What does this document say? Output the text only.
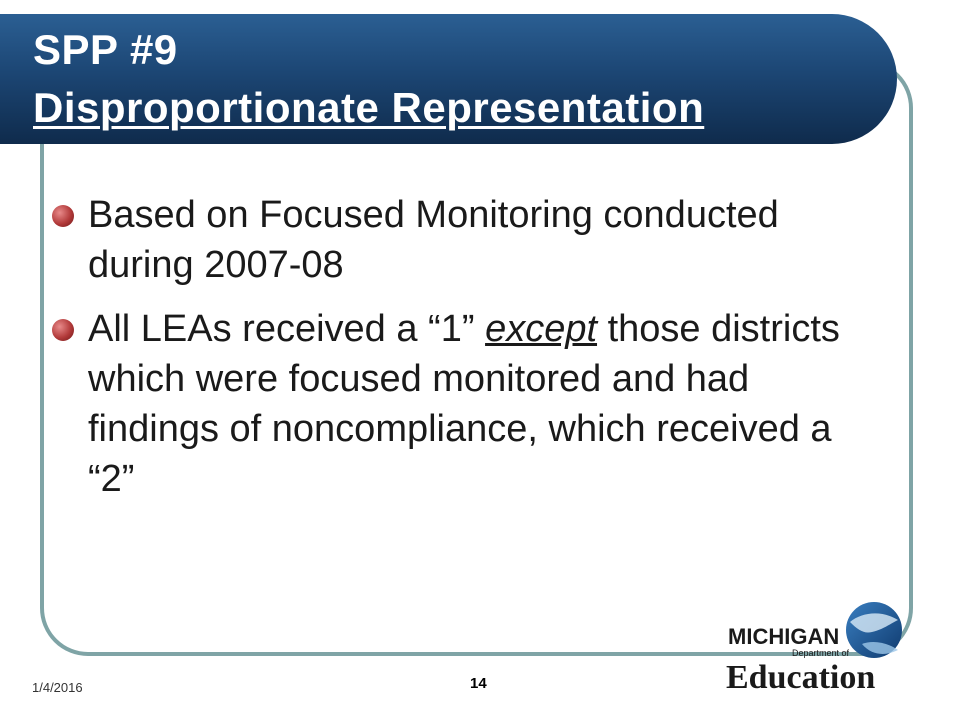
SPP #9
Disproportionate Representation
Based on Focused Monitoring conducted during 2007-08
All LEAs received a “1” except those districts which were focused monitored and had findings of noncompliance, which received a “2”
1/4/2016	14
MICHIGAN
Department of
Education
